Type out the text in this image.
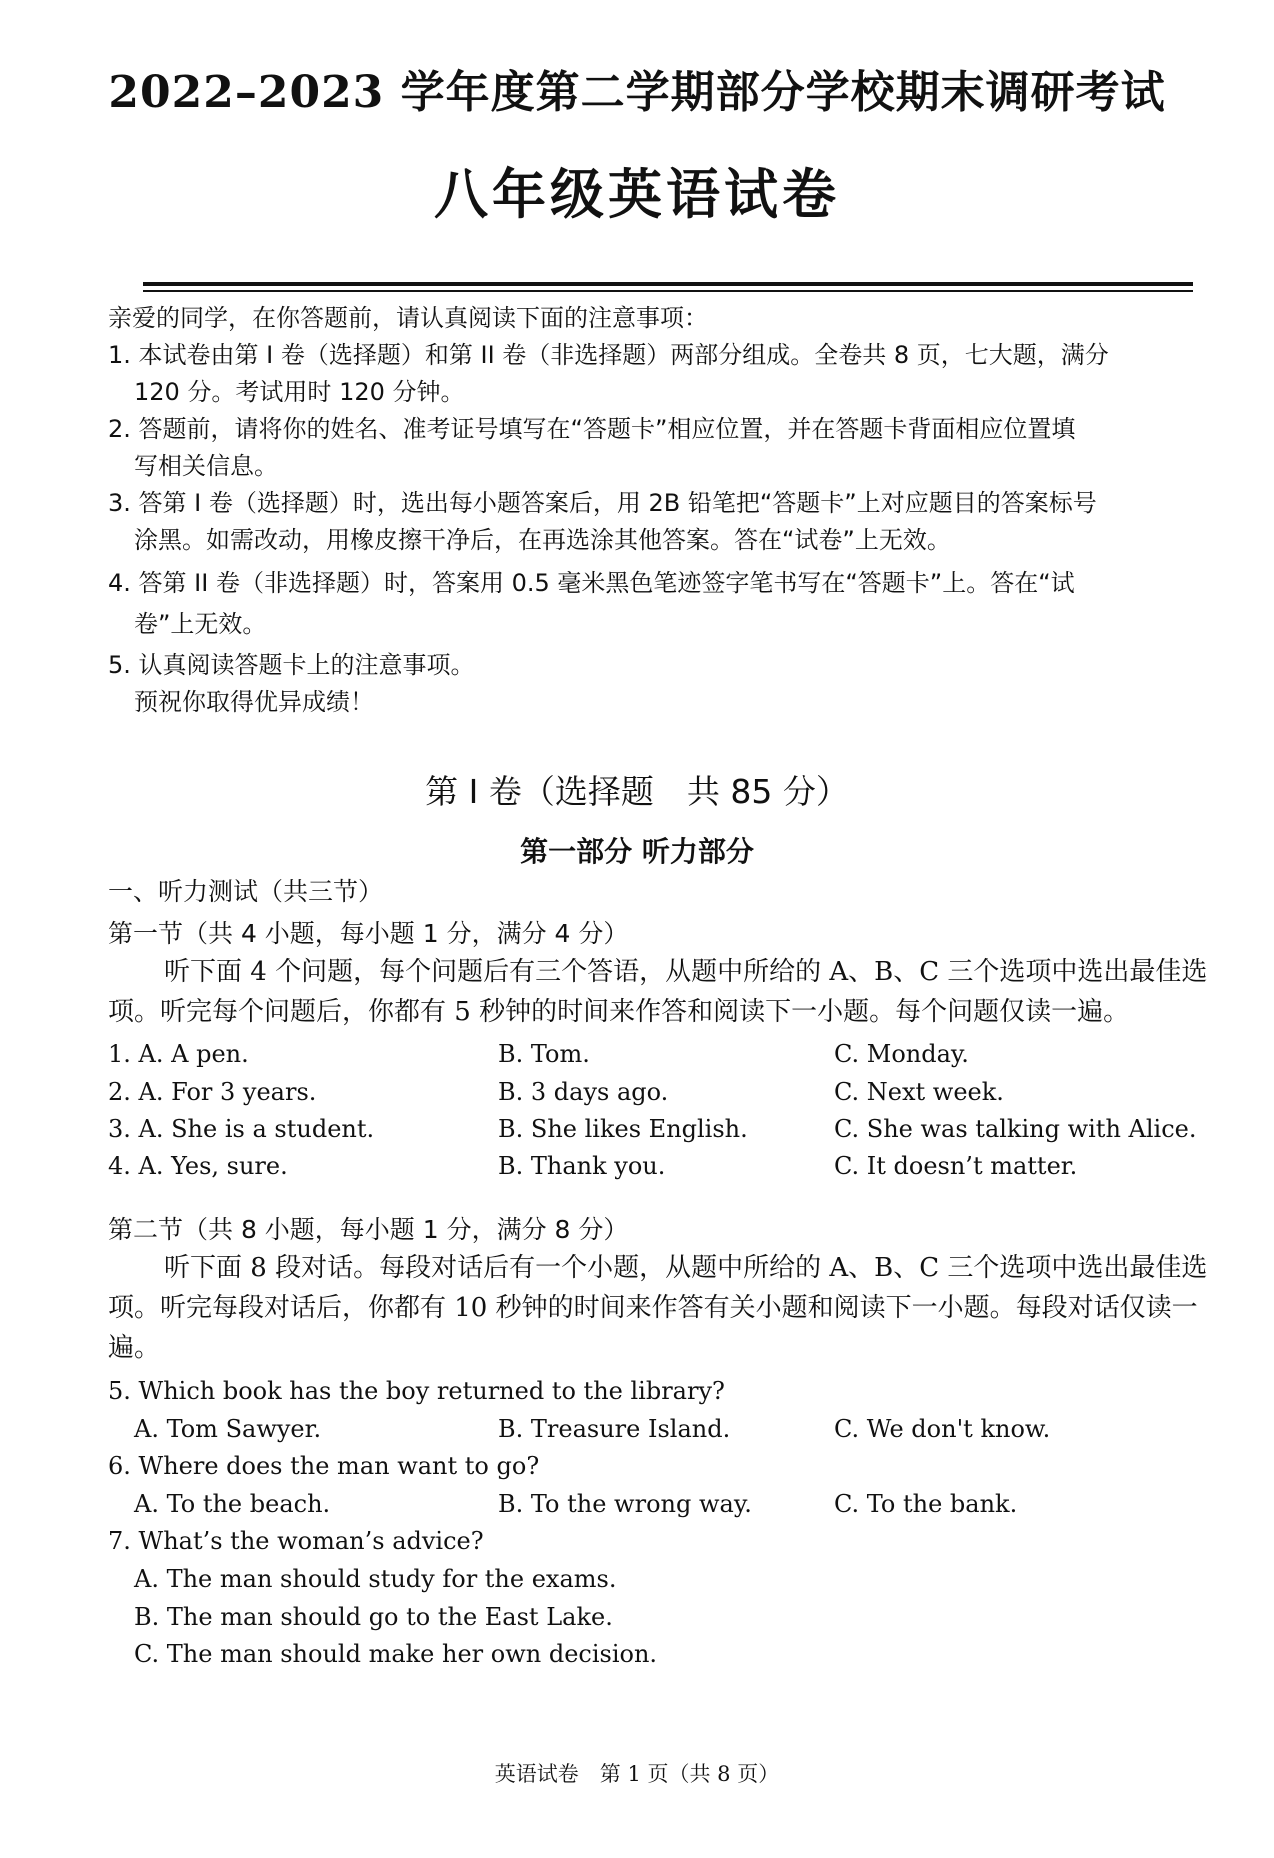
2022–2023 学年度第二学期部分学校期末调研考试
八年级英语试卷
亲爱的同学，在你答题前，请认真阅读下面的注意事项：
1. 本试卷由第 I 卷（选择题）和第 II 卷（非选择题）两部分组成。全卷共 8 页，七大题，满分
120 分。考试用时 120 分钟。
2. 答题前，请将你的姓名、准考证号填写在“答题卡”相应位置，并在答题卡背面相应位置填
写相关信息。
3. 答第 I 卷（选择题）时，选出每小题答案后，用 2B 铅笔把“答题卡”上对应题目的答案标号
涂黑。如需改动，用橡皮擦干净后，在再选涂其他答案。答在“试卷”上无效。
4. 答第 II 卷（非选择题）时，答案用 0.5 毫米黑色笔迹签字笔书写在“答题卡”上。答在“试
卷”上无效。
5. 认真阅读答题卡上的注意事项。
预祝你取得优异成绩！
第 I 卷（选择题　共 85 分）
第一部分 听力部分
一、听力测试（共三节）
第一节（共 4 小题，每小题 1 分，满分 4 分）
听下面 4 个问题，每个问题后有三个答语，从题中所给的 A、B、C 三个选项中选出最佳选项。听完每个问题后，你都有 5 秒钟的时间来作答和阅读下一小题。每个问题仅读一遍。
1. A. A pen.	B. Tom.	C. Monday.
2. A. For 3 years.	B. 3 days ago.	C. Next week.
3. A. She is a student.	B. She likes English.	C. She was talking with Alice.
4. A. Yes, sure.	B. Thank you.	C. It doesn’t matter.
第二节（共 8 小题，每小题 1 分，满分 8 分）
听下面 8 段对话。每段对话后有一个小题，从题中所给的 A、B、C 三个选项中选出最佳选项。听完每段对话后，你都有 10 秒钟的时间来作答有关小题和阅读下一小题。每段对话仅读一遍。
5. Which book has the boy returned to the library?
A. Tom Sawyer.	B. Treasure Island.	C. We don't know.
6. Where does the man want to go?
A. To the beach.	B. To the wrong way.	C. To the bank.
7. What’s the woman’s advice?
A. The man should study for the exams.
B. The man should go to the East Lake.
C. The man should make her own decision.
英语试卷　第 1 页（共 8 页）
